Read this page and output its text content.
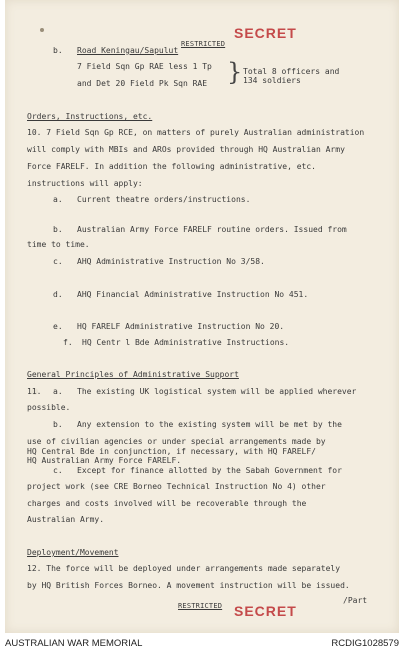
RESTRICTED
SECRET
b. Road Keningau/Sapulut
7 Field Sqn Gp RAE less 1 Tp
and Det 20 Field Pk Sqn RAE } Total 8 officers and
134 soldiers
Orders, Instructions, etc.
10. 7 Field Sqn Gp RCE, on matters of purely Australian administration
will comply with MBIs and AROs provided through HQ Australian Army
Force FARELF. In addition the following administrative, etc.
instructions will apply:
a. Current theatre orders/instructions.
b. Australian Army Force FARELF routine orders. Issued from
time to time.
c. AHQ Administrative Instruction No 3/58.
d. AHQ Financial Administrative Instruction No 451.
e. HQ FARELF Administrative Instruction No 20.
f. HQ Centr l Bde Administrative Instructions.
General Principles of Administrative Support
11. a. The existing UK logistical system will be applied wherever
possible.
b. Any extension to the existing system will be met by the
use of civilian agencies or under special arrangements made by
HQ Central Bde in conjunction, if necessary, with HQ FARELF/
HQ Australian Army Force FARELF.
c. Except for finance allotted by the Sabah Government for
project work (see CRE Borneo Technical Instruction No 4) other
charges and costs involved will be recoverable through the
Australian Army.
Deployment/Movement
12. The force will be deployed under arrangements made separately
by HQ British Forces Borneo. A movement instruction will be issued.
/Part
RESTRICTED SECRET
AUSTRALIAN WAR MEMORIAL	RCDIG1028579
